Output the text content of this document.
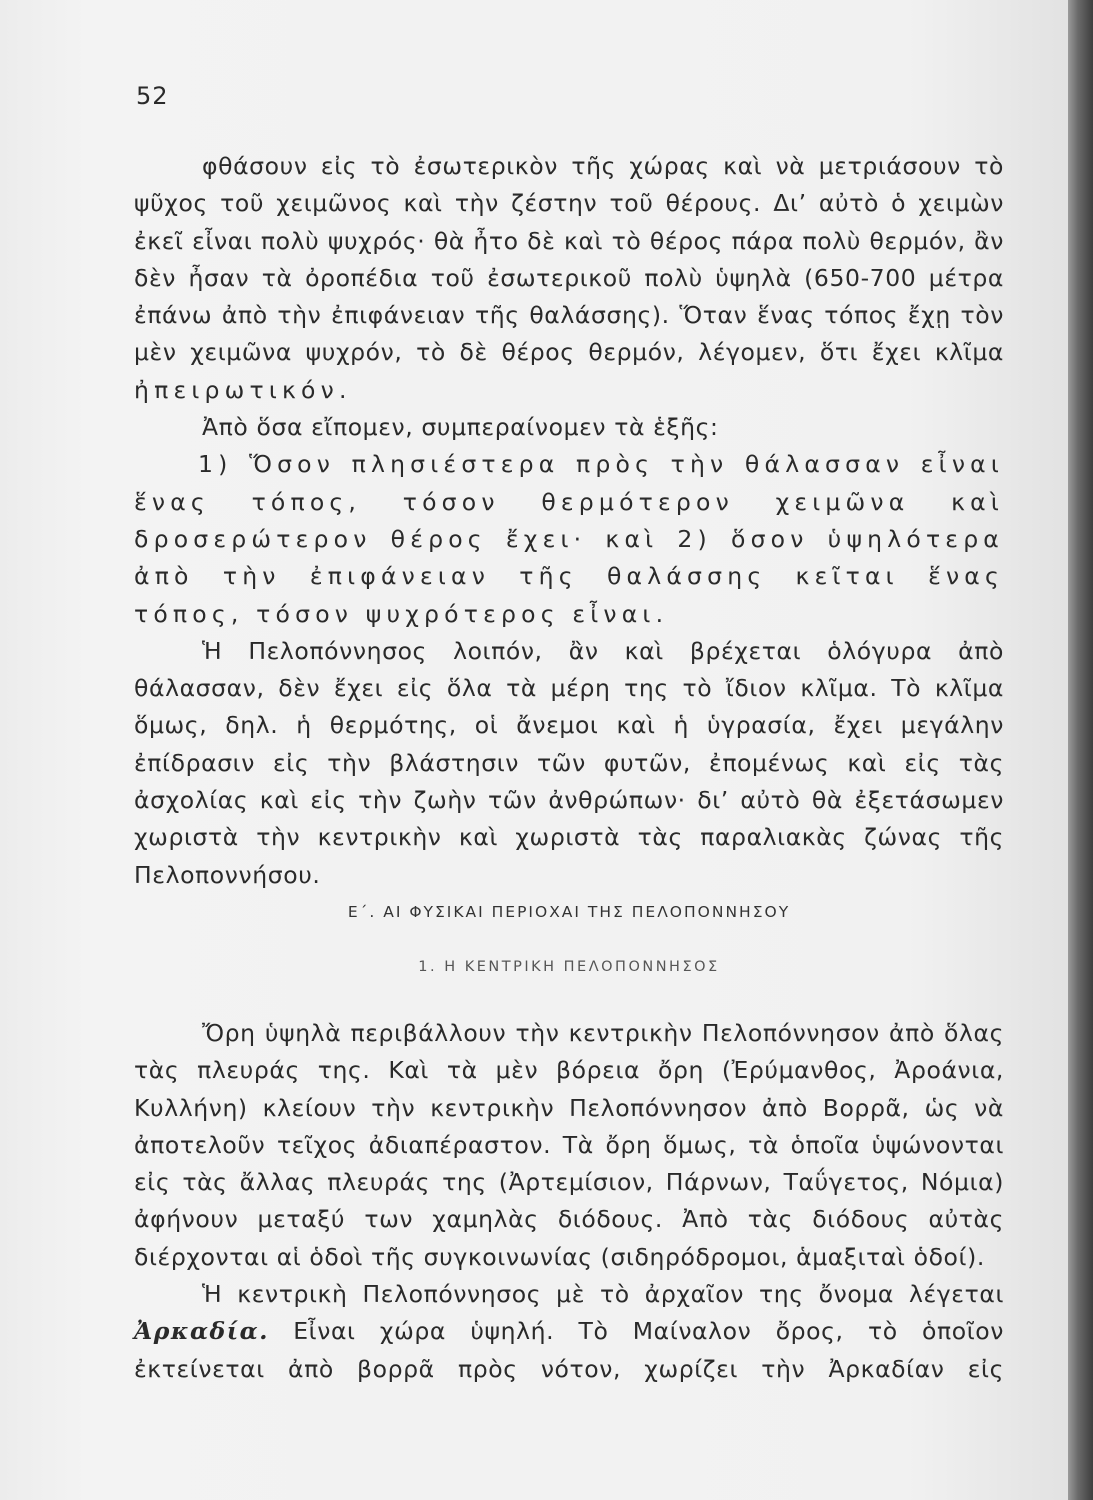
52

φθάσουν εἰς τὸ ἐσωτερικὸν τῆς χώρας καὶ νὰ μετριάσουν τὸ ψῦχος τοῦ χειμῶνος καὶ τὴν ζέστην τοῦ θέρους. Δι’ αὐτὸ ὁ χειμὼν ἐκεῖ εἶναι πολὺ ψυχρός· θὰ ἦτο δὲ καὶ τὸ θέρος πάρα πολὺ θερμόν, ἂν δὲν ἦσαν τὰ ὀροπέδια τοῦ ἐσωτερικοῦ πολὺ ὑψηλὰ (650-700 μέτρα ἐπάνω ἀπὸ τὴν ἐπιφάνειαν τῆς θαλάσσης). Ὅταν ἕνας τόπος ἔχῃ τὸν μὲν χειμῶνα ψυχρόν, τὸ δὲ θέρος θερμόν, λέγομεν, ὅτι ἔχει κλῖμα ἠπειρωτικόν.

Ἀπὸ ὅσα εἴπομεν, συμπεραίνομεν τὰ ἑξῆς:

1) Ὅσον πλησιέστερα πρὸς τὴν θάλασσαν εἶναι ἕνας τόπος, τόσον θερμότερον χειμῶνα καὶ δροσερώτερον θέρος ἔχει· καὶ 2) ὅσον ὑψηλότερα ἀπὸ τὴν ἐπιφάνειαν τῆς θαλάσσης κεῖται ἕνας τόπος, τόσον ψυχρότερος εἶναι.

Ἡ Πελοπόννησος λοιπόν, ἂν καὶ βρέχεται ὁλόγυρα ἀπὸ θάλασσαν, δὲν ἔχει εἰς ὅλα τὰ μέρη της τὸ ἴδιον κλῖμα. Τὸ κλῖμα ὅμως, δηλ. ἡ θερμότης, οἱ ἄνεμοι καὶ ἡ ὑγρασία, ἔχει μεγάλην ἐπίδρασιν εἰς τὴν βλάστησιν τῶν φυτῶν, ἐπομένως καὶ εἰς τὰς ἀσχολίας καὶ εἰς τὴν ζωὴν τῶν ἀνθρώπων· δι’ αὐτὸ θὰ ἐξετάσωμεν χωριστὰ τὴν κεντρικὴν καὶ χωριστὰ τὰς παραλιακὰς ζώνας τῆς Πελοποννήσου.

Ε΄. ΑΙ ΦΥΣΙΚΑΙ ΠΕΡΙΟΧΑΙ ΤΗΣ ΠΕΛΟΠΟΝΝΗΣΟΥ
1. Η ΚΕΝΤΡΙΚΗ ΠΕΛΟΠΟΝΝΗΣΟΣ

Ὄρη ὑψηλὰ περιβάλλουν τὴν κεντρικὴν Πελοπόννησον ἀπὸ ὅλας τὰς πλευράς της. Καὶ τὰ μὲν βόρεια ὄρη (Ἐρύμανθος, Ἀροάνια, Κυλλήνη) κλείουν τὴν κεντρικὴν Πελοπόννησον ἀπὸ Βορρᾶ, ὡς νὰ ἀποτελοῦν τεῖχος ἀδιαπέραστον. Τὰ ὄρη ὅμως, τὰ ὁποῖα ὑψώνονται εἰς τὰς ἄλλας πλευράς της (Ἀρτεμίσιον, Πάρνων, Ταΰγετος, Νόμια) ἀφήνουν μεταξύ των χαμηλὰς διόδους. Ἀπὸ τὰς διόδους αὐτὰς διέρχονται αἱ ὁδοὶ τῆς συγκοινωνίας (σιδηρόδρομοι, ἁμαξιταὶ ὁδοί).

Ἡ κεντρικὴ Πελοπόννησος μὲ τὸ ἀρχαῖον της ὄνομα λέγεται Ἀρκαδία. Εἶναι χώρα ὑψηλή. Τὸ Μαίναλον ὄρος, τὸ ὁποῖον ἐκτείνεται ἀπὸ βορρᾶ πρὸς νότον, χωρίζει τὴν Ἀρκαδίαν εἰς
